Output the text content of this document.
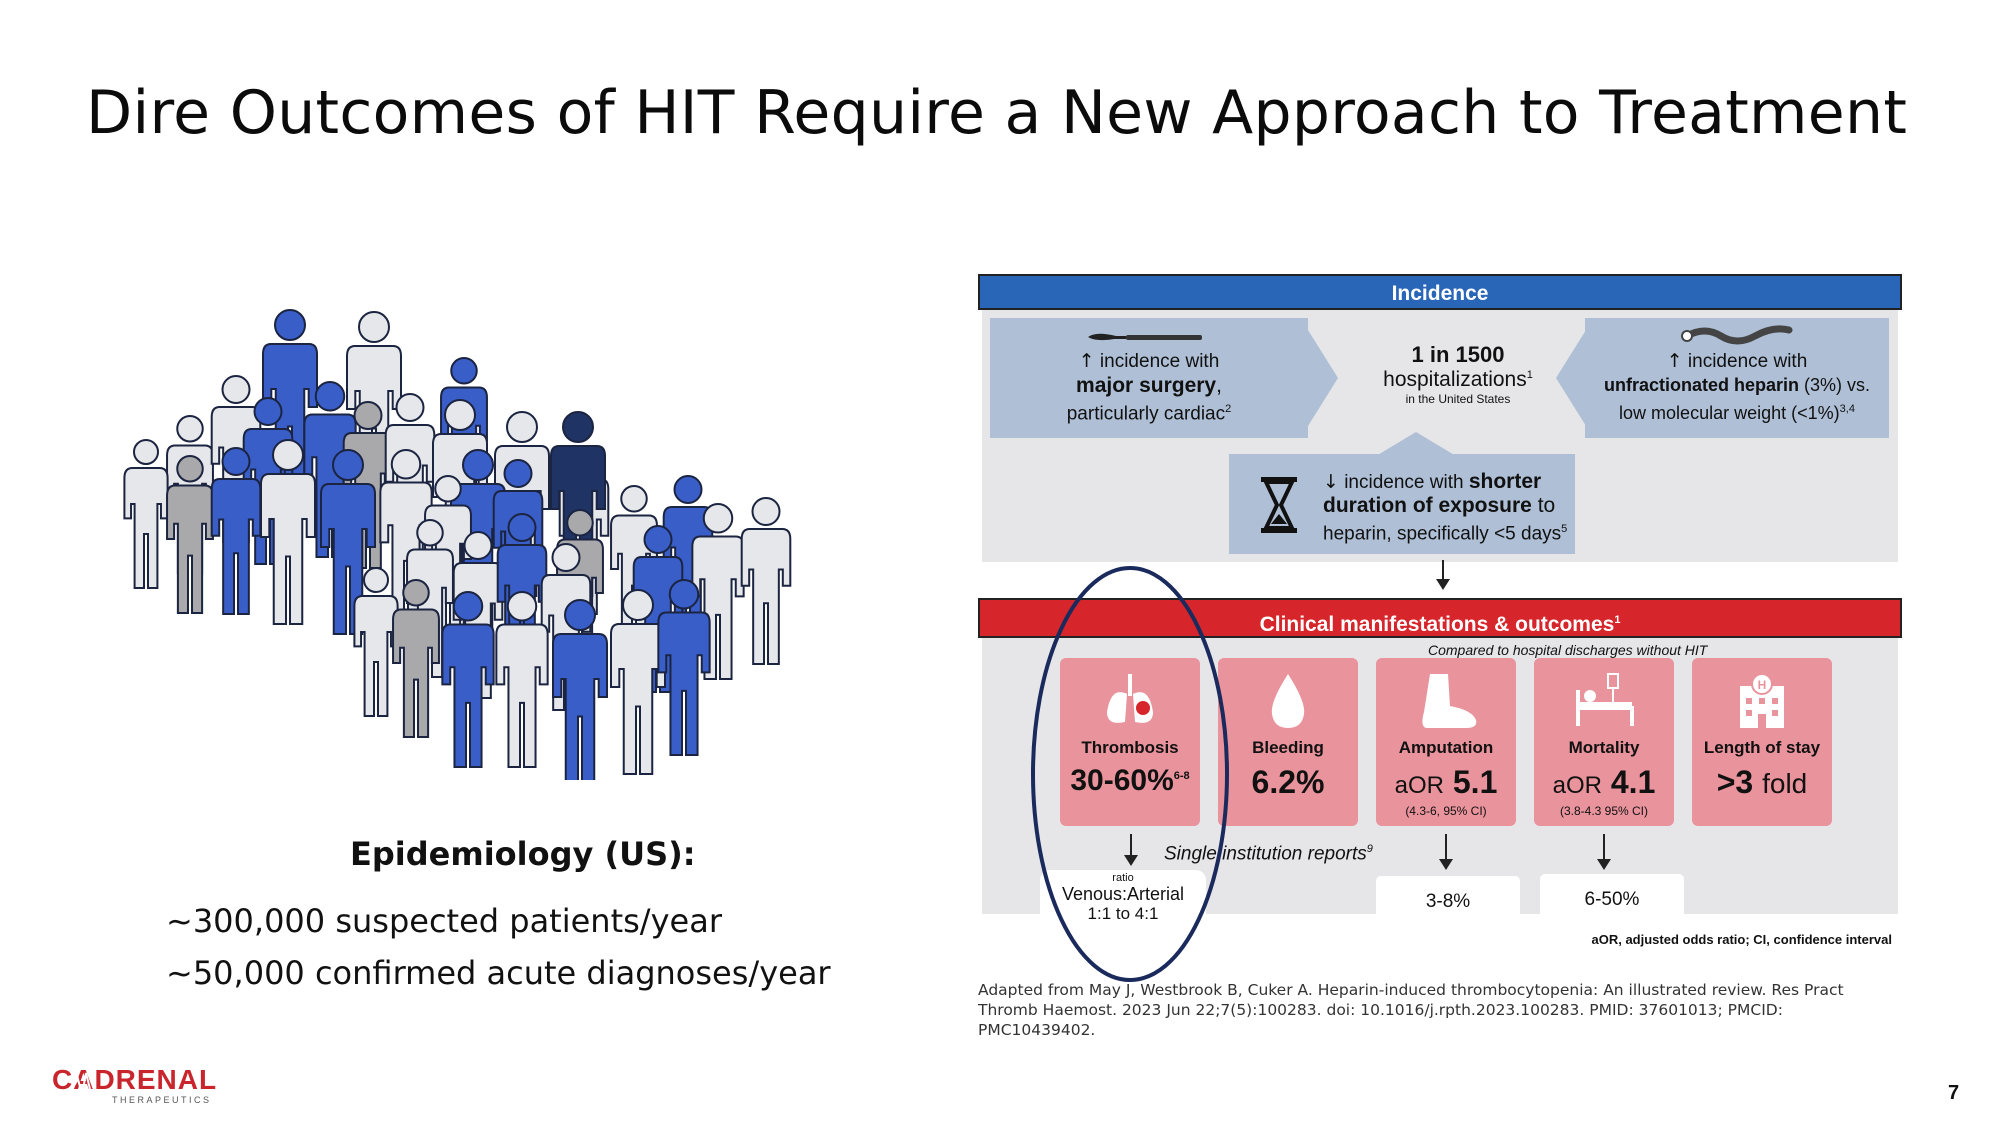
Dire Outcomes of HIT Require a New Approach to Treatment
Epidemiology (US):
~300,000 suspected patients/year
~50,000 confirmed acute diagnoses/year
Incidence
↑ incidence with
major surgery,
particularly cardiac$^2$
1 in 1500
hospitalizations$^1$
in the United States
↑ incidence with
unfractionated heparin (3%) vs.
low molecular weight (<1%)$^{3,4}$
↓ incidence with shorter
duration of exposure to
heparin, specifically <5 days$^5$
Clinical manifestations & outcomes$^1$
Compared to hospital discharges without HIT
Thrombosis
30-60%$^{6-8}$
Bleeding
6.2%
Amputation
aOR 5.1
(4.3-6, 95% CI)
Mortality
aOR 4.1
(3.8-4.3 95% CI)
H
Length of stay
>3 fold
Single institution reports$^9$
ratio
Venous:Arterial
1:1 to 4:1
3-8%	6-50%
aOR, adjusted odds ratio; CI, confidence interval
Adapted from May J, Westbrook B, Cuker A. Heparin-induced thrombocytopenia: An illustrated review. Res Pract Thromb Haemost. 2023 Jun 22;7(5):100283. doi: 10.1016/j.rpth.2023.100283. PMID: 37601013; PMCID: PMC10439402.
CADRENAL
THERAPEUTICS	7
